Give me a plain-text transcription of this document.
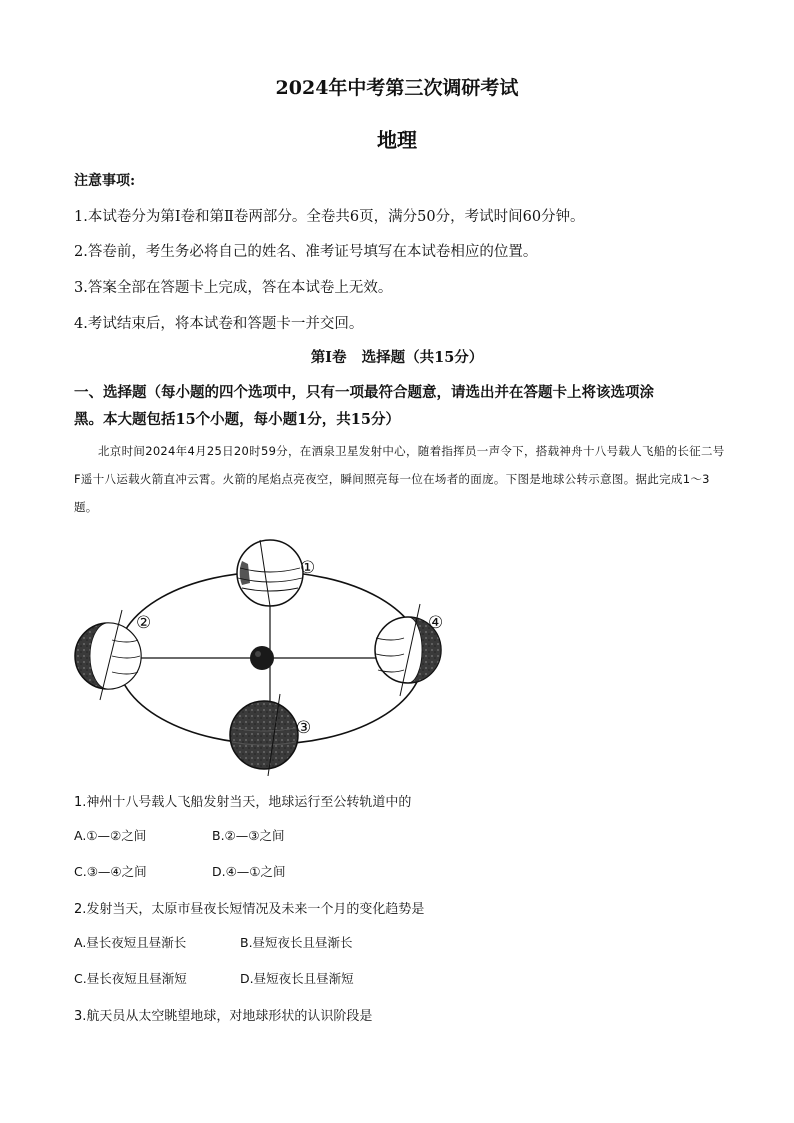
2024年中考第三次调研考试
地理
注意事项:
1.本试卷分为第Ⅰ卷和第Ⅱ卷两部分。全卷共6页，满分50分，考试时间60分钟。
2.答卷前，考生务必将自己的姓名、准考证号填写在本试卷相应的位置。
3.答案全部在答题卡上完成，答在本试卷上无效。
4.考试结束后，将本试卷和答题卡一并交回。
第Ⅰ卷   选择题（共15分）
一、选择题（每小题的四个选项中，只有一项最符合题意，请选出并在答题卡上将该选项涂
黑。本大题包括15个小题，每小题1分，共15分）
北京时间2024年4月25日20时59分，在酒泉卫星发射中心，随着指挥员一声令下，搭载神舟十八号载人飞船的长征二号F遥十八运载火箭直冲云霄。火箭的尾焰点亮夜空，瞬间照亮每一位在场者的面庞。下图是地球公转示意图。据此完成1～3题。
①
②
③
④
1.神州十八号载人飞船发射当天，地球运行至公转轨道中的
A.①—②之间	B.②—③之间
C.③—④之间	D.④—①之间
2.发射当天，太原市昼夜长短情况及未来一个月的变化趋势是
A.昼长夜短且昼渐长	B.昼短夜长且昼渐长
C.昼长夜短且昼渐短	D.昼短夜长且昼渐短
3.航天员从太空眺望地球，对地球形状的认识阶段是
